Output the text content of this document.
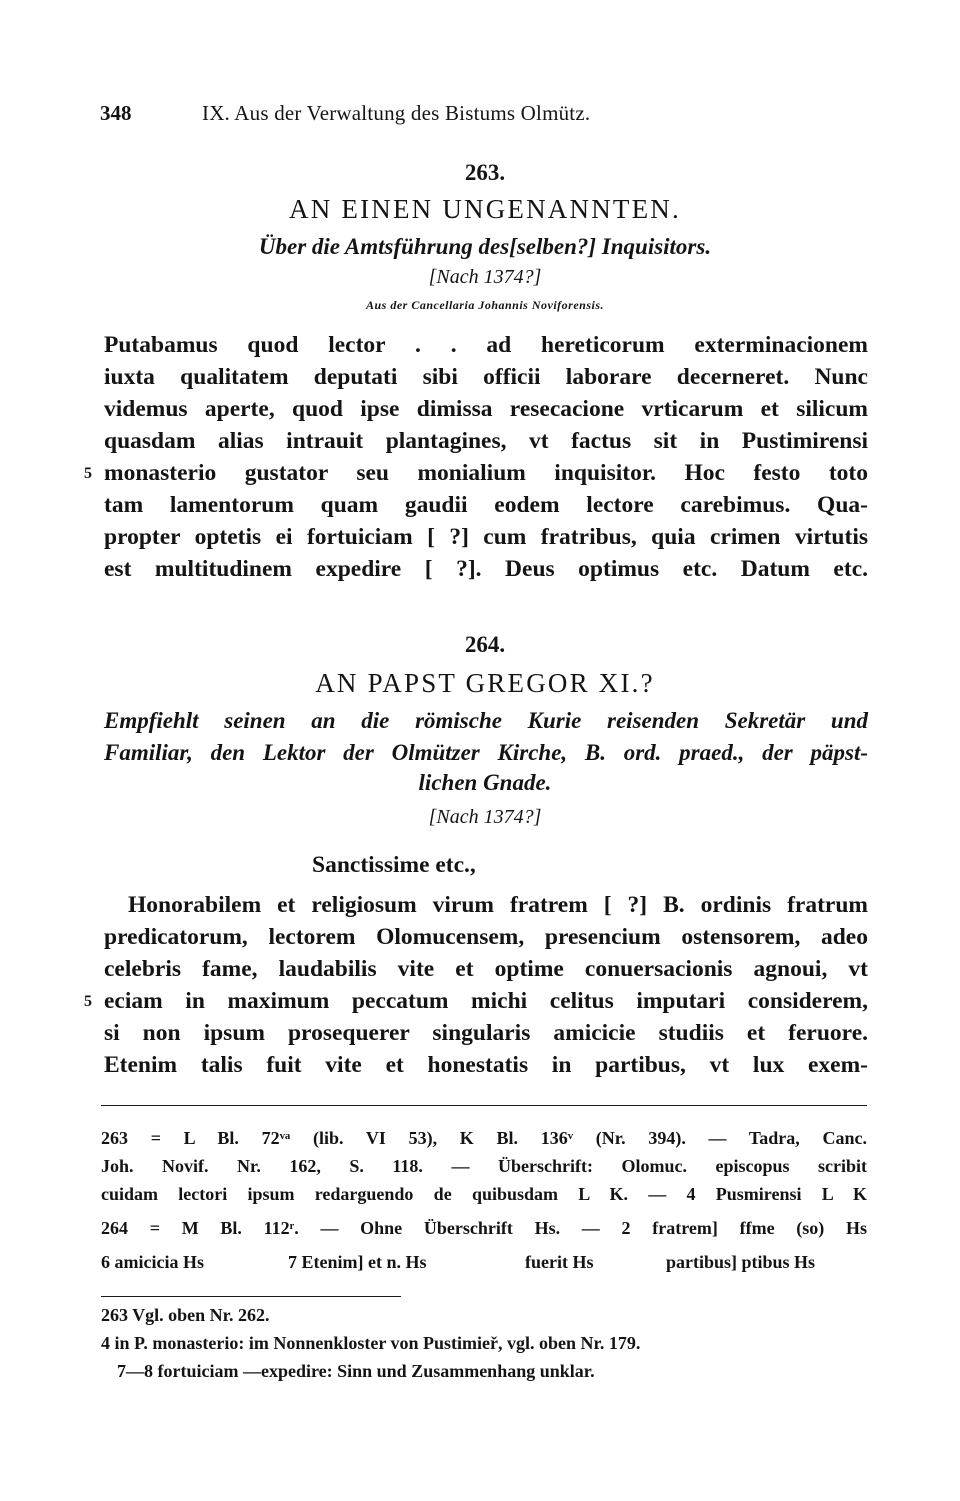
348	IX. Aus der Verwaltung des Bistums Olmütz.
263.
AN EINEN UNGENANNTEN.
Über die Amtsführung des[selben?] Inquisitors.
[Nach 1374?]
Aus der Cancellaria Johannis Noviforensis.
Putabamus quod lector . . ad hereticorum exterminacionem
iuxta qualitatem deputati sibi officii laborare decerneret. Nunc
videmus aperte, quod ipse dimissa resecacione vrticarum et silicum
quasdam alias intrauit plantagines, vt factus sit in Pustimirensi
5 monasterio gustator seu monialium inquisitor. Hoc festo toto
tam lamentorum quam gaudii eodem lectore carebimus. Qua-
propter optetis ei fortuiciam [ ?] cum fratribus, quia crimen virtutis
est multitudinem expedire [ ?]. Deus optimus etc. Datum etc.
264.
AN PAPST GREGOR XI.?
Empfiehlt seinen an die römische Kurie reisenden Sekretär und
Familiar, den Lektor der Olmützer Kirche, B. ord. praed., der päpst-
lichen Gnade.
[Nach 1374?]
Sanctissime etc.,
Honorabilem et religiosum virum fratrem [ ?] B. ordinis fratrum
predicatorum, lectorem Olomucensem, presencium ostensorem, adeo
celebris fame, laudabilis vite et optime conuersacionis agnoui, vt
5 eciam in maximum peccatum michi celitus imputari considerem,
si non ipsum prosequerer singularis amicicie studiis et feruore.
Etenim talis fuit vite et honestatis in partibus, vt lux exem-
263 = L Bl. 72ᵛᵃ (lib. VI 53), K Bl. 136ᵛ (Nr. 394). — Tadra, Canc.
Joh. Novif. Nr. 162, S. 118. — Überschrift: Olomuc. episcopus scribit
cuidam lectori ipsum redarguendo de quibusdam L K. — 4 Pusmirensi L K
264 = M Bl. 112ʳ. — Ohne Überschrift Hs. — 2 fratrem] ffme (so) Hs
6 amicicia Hs	7 Etenim] et n. Hs	fuerit Hs	partibus] ptibus Hs
263 Vgl. oben Nr. 262.
4 in P. monasterio: im Nonnenkloster von Pustimieř, vgl. oben Nr. 179.
7—8 fortuiciam —expedire: Sinn und Zusammenhang unklar.
